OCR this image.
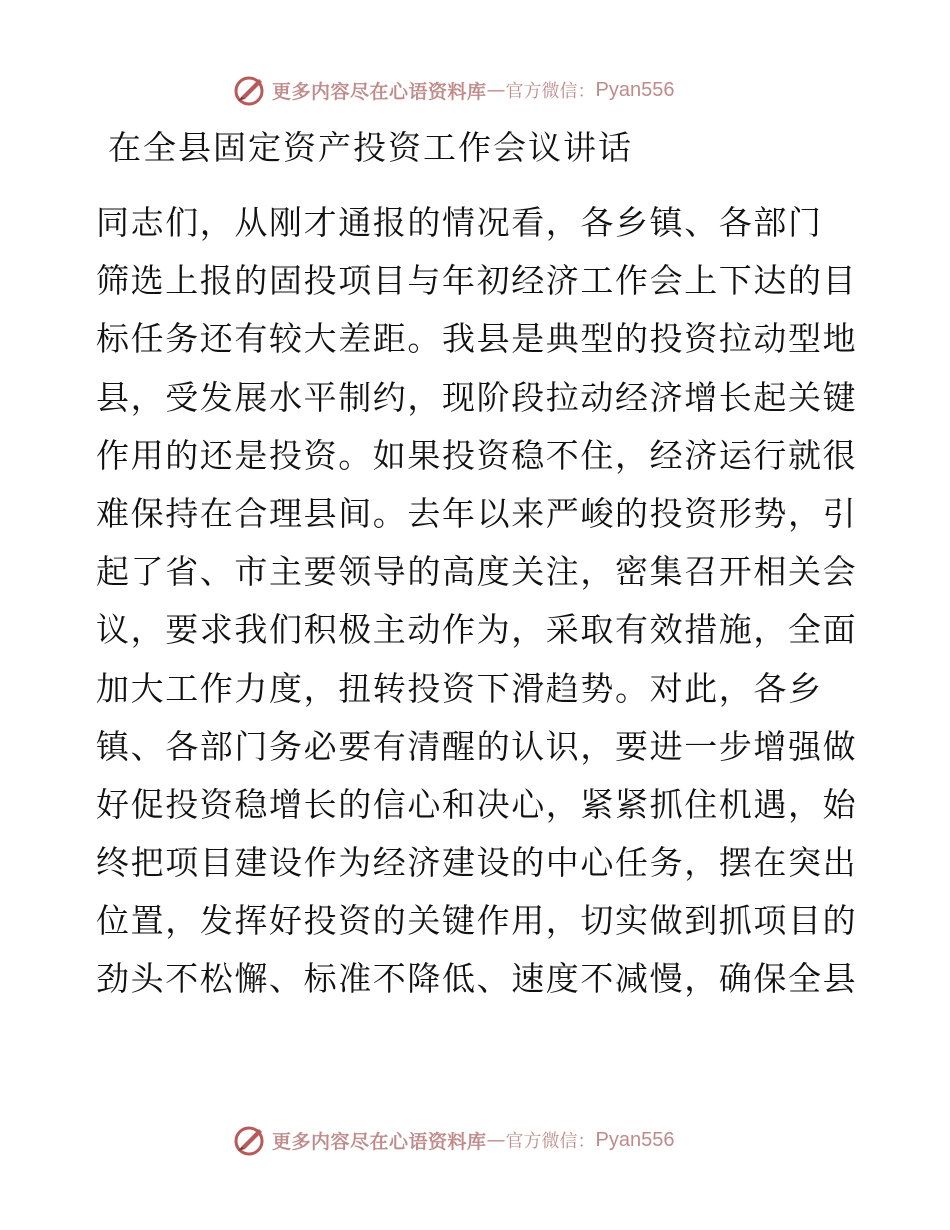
更多内容尽在心语资料库 — 官方微信： Pyan556
在全县固定资产投资工作会议讲话
同志们，从刚才通报的情况看，各乡镇、各部门
筛选上报的固投项目与年初经济工作会上下达的目
标任务还有较大差距。我县是典型的投资拉动型地
县，受发展水平制约，现阶段拉动经济增长起关键
作用的还是投资。如果投资稳不住，经济运行就很
难保持在合理县间。去年以来严峻的投资形势，引
起了省、市主要领导的高度关注，密集召开相关会
议，要求我们积极主动作为，采取有效措施，全面
加大工作力度，扭转投资下滑趋势。对此，各乡
镇、各部门务必要有清醒的认识，要进一步增强做
好促投资稳增长的信心和决心，紧紧抓住机遇，始
终把项目建设作为经济建设的中心任务，摆在突出
位置，发挥好投资的关键作用，切实做到抓项目的
劲头不松懈、标准不降低、速度不减慢，确保全县
更多内容尽在心语资料库 — 官方微信： Pyan556
